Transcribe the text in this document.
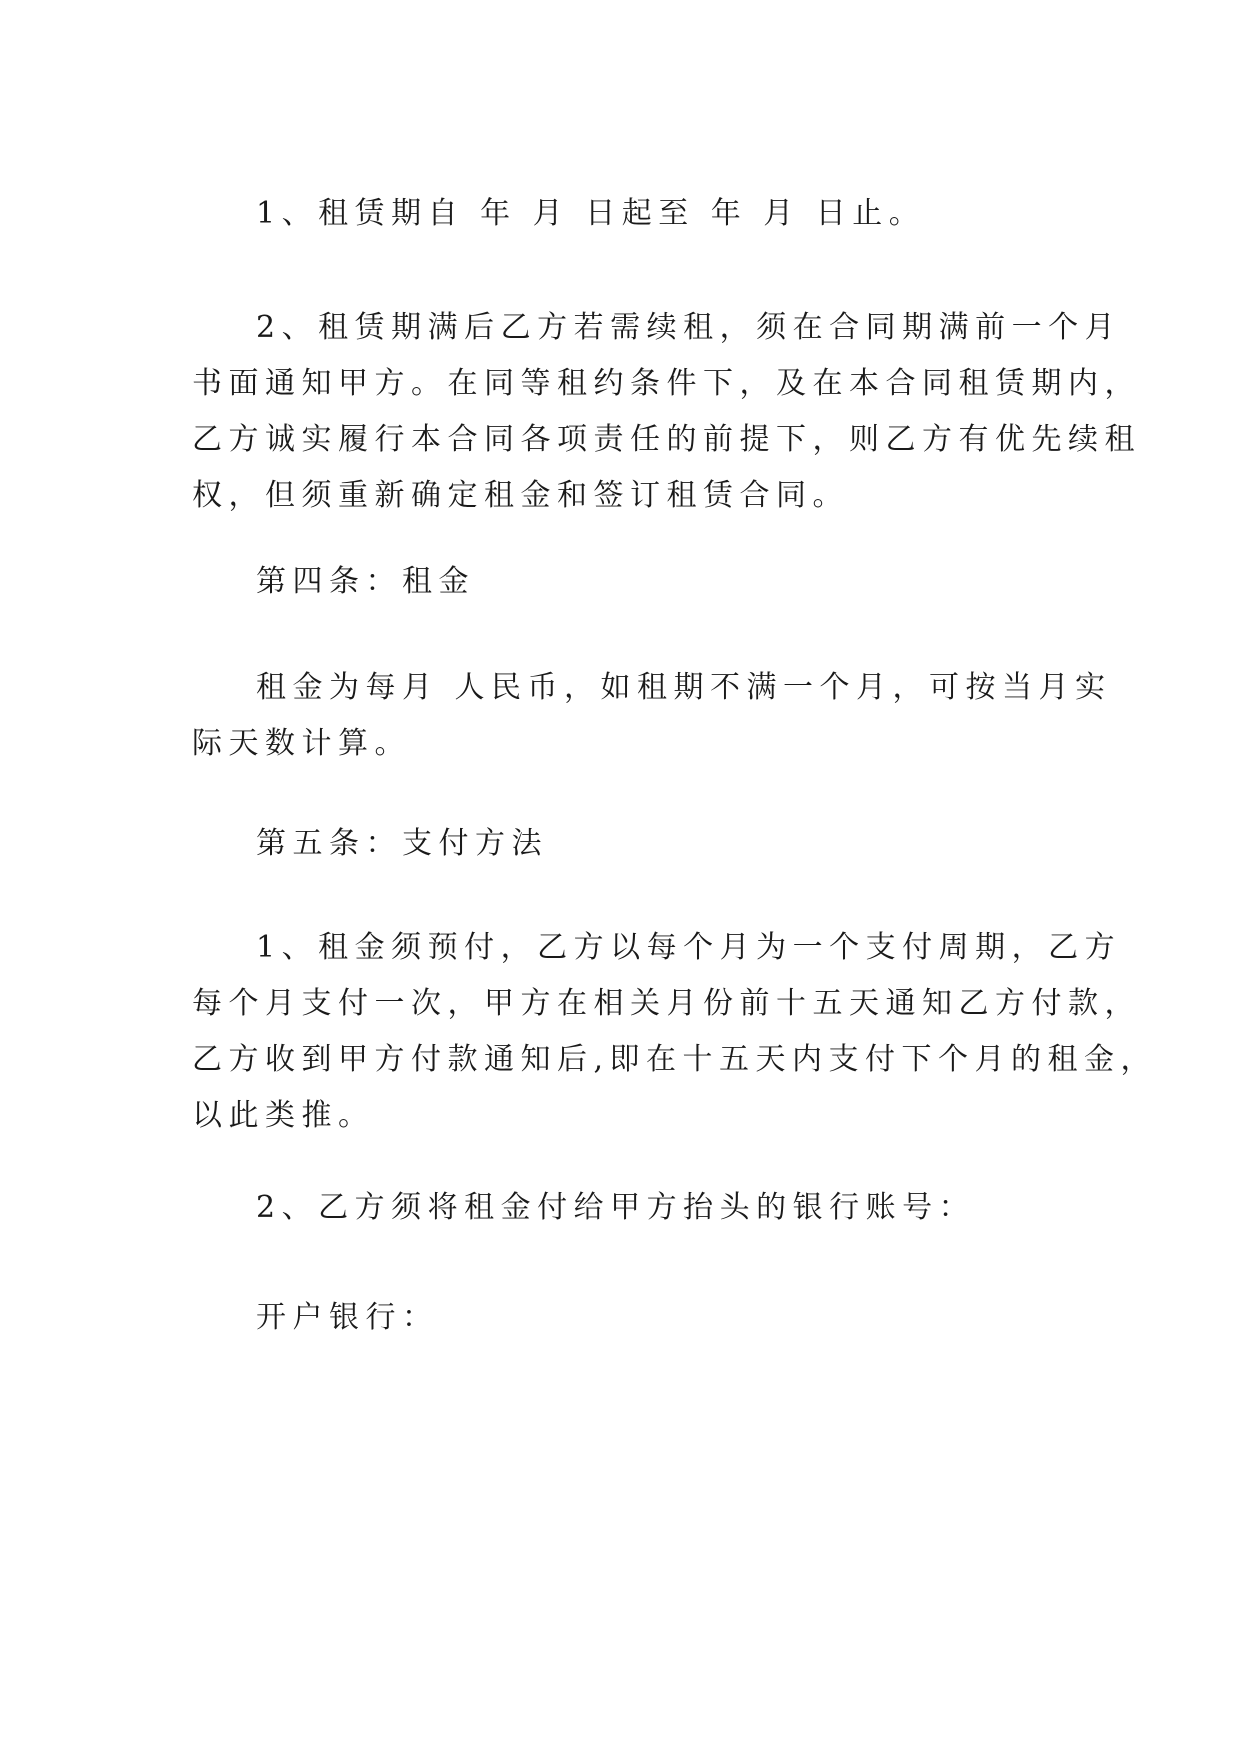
1、租赁期自 年 月 日起至 年 月 日止。

2、租赁期满后乙方若需续租，须在合同期满前一个月
书面通知甲方。在同等租约条件下，及在本合同租赁期内，
乙方诚实履行本合同各项责任的前提下，则乙方有优先续租
权，但须重新确定租金和签订租赁合同。

第四条：租金

租金为每月 人民币，如租期不满一个月，可按当月实
际天数计算。

第五条：支付方法

1、租金须预付，乙方以每个月为一个支付周期，乙方
每个月支付一次，甲方在相关月份前十五天通知乙方付款，
乙方收到甲方付款通知后,即在十五天内支付下个月的租金，
以此类推。

2、乙方须将租金付给甲方抬头的银行账号：

开户银行：
